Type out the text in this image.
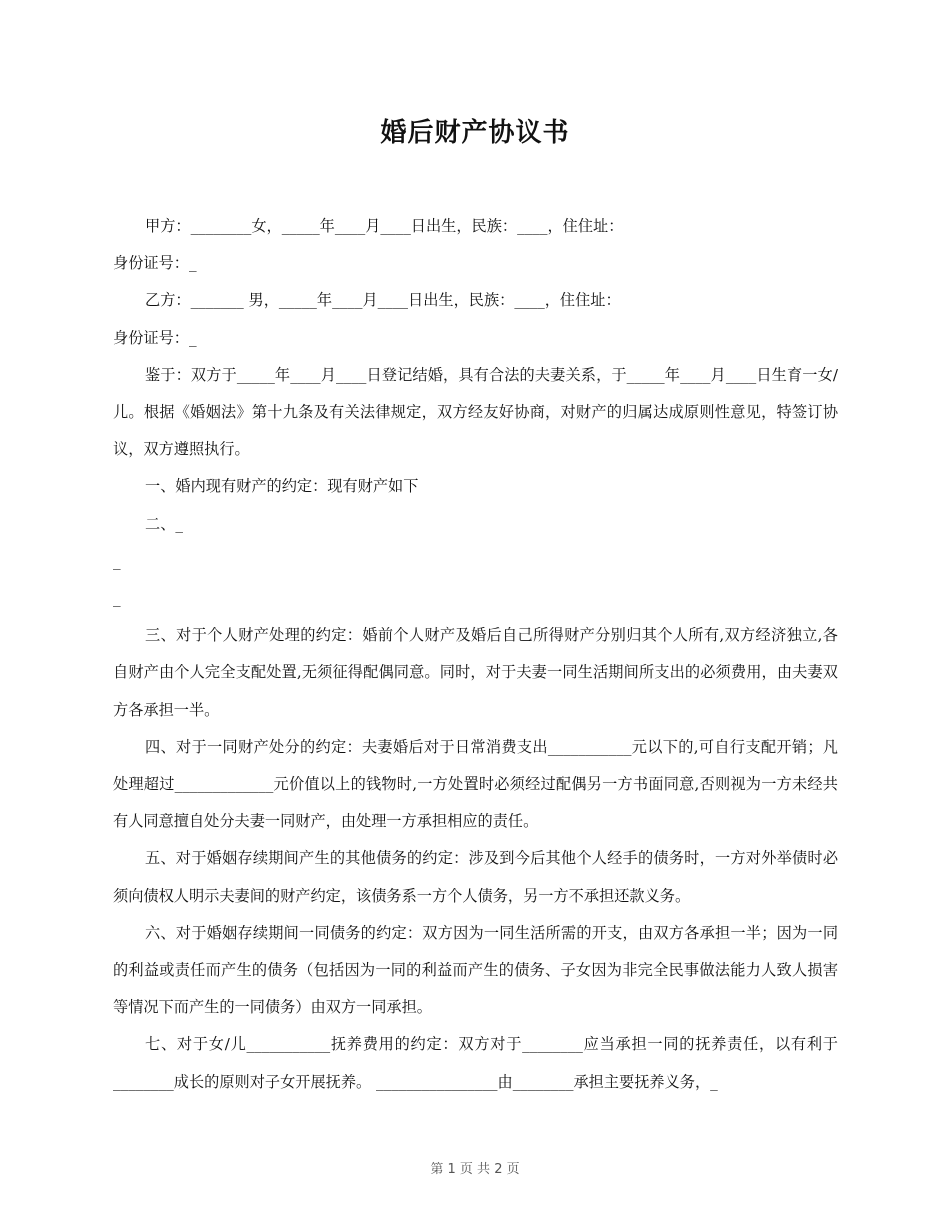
婚后财产协议书

甲方：________女，_____年____月____日出生，民族：____，住住址：

身份证号：_

乙方：_______ 男，_____年____月____日出生，民族：____，住住址：

身份证号：_

鉴于：双方于_____年____月____日登记结婚，具有合法的夫妻关系，于_____年____月____日生育一女/儿。根据《婚姻法》第十九条及有关法律规定，双方经友好协商，对财产的归属达成原则性意见，特签订协议，双方遵照执行。

一、婚内现有财产的约定：现有财产如下

二、_

_

_

三、对于个人财产处理的约定：婚前个人财产及婚后自己所得财产分别归其个人所有,双方经济独立,各自财产由个人完全支配处置,无须征得配偶同意。同时，对于夫妻一同生活期间所支出的必须费用，由夫妻双方各承担一半。

四、对于一同财产处分的约定：夫妻婚后对于日常消费支出___________元以下的,可自行支配开销；凡处理超过_____________元价值以上的钱物时,一方处置时必须经过配偶另一方书面同意,否则视为一方未经共有人同意擅自处分夫妻一同财产，由处理一方承担相应的责任。

五、对于婚姻存续期间产生的其他债务的约定：涉及到今后其他个人经手的债务时，一方对外举债时必须向债权人明示夫妻间的财产约定，该债务系一方个人债务，另一方不承担还款义务。

六、对于婚姻存续期间一同债务的约定：双方因为一同生活所需的开支，由双方各承担一半；因为一同的利益或责任而产生的债务（包括因为一同的利益而产生的债务、子女因为非完全民事做法能力人致人损害等情况下而产生的一同债务）由双方一同承担。

七、对于女/儿___________抚养费用的约定：双方对于________应当承担一同的抚养责任，以有利于________成长的原则对子女开展抚养。 ________________由________承担主要抚养义务，_

第 1 页 共 2 页
